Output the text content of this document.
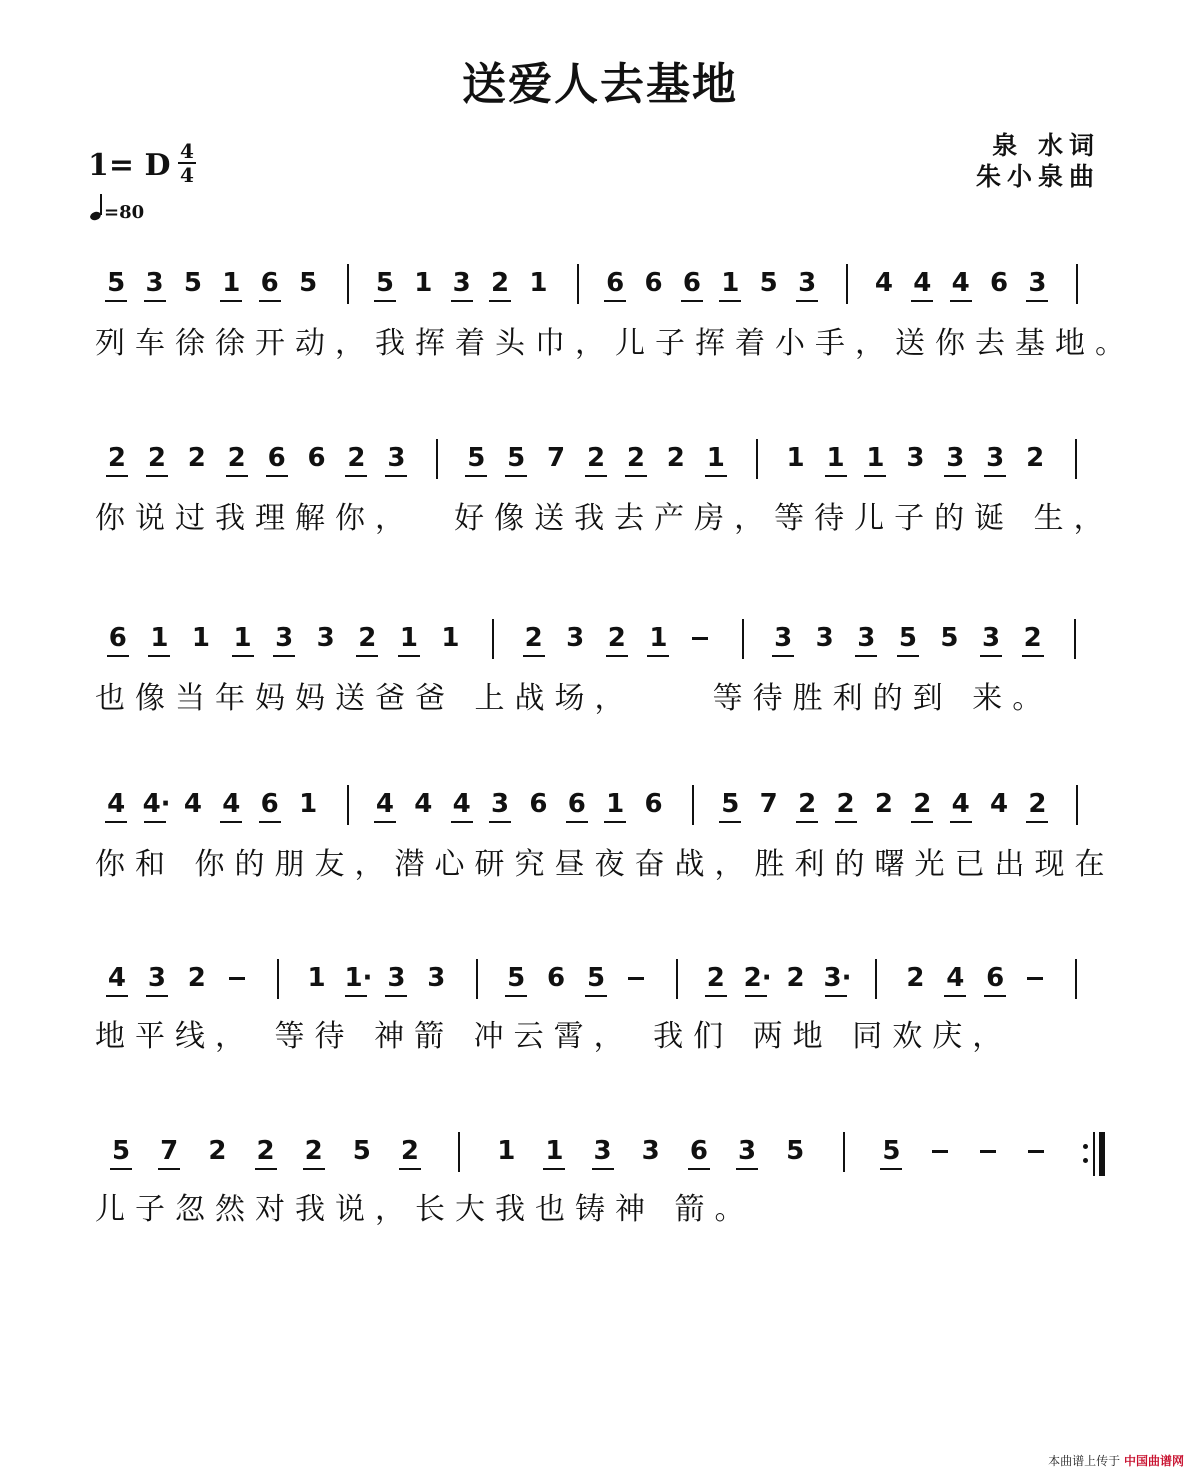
送爱人去基地
1= D 4
4
=80
泉 水词
朱小泉曲
5 3 5 1 6 5 5 1 3 2 1 6 6 6 1 5 3 4 4 4 6 3
列车徐徐开动，我挥着头巾，儿子挥着小手，送你去基地。
2 2 2 2 6 6 2 3 5 5 7 2 2 2 1 1 1 1 3 3 3 2
你说过我理解你，  好像送我去产房，等待儿子的诞 生，
6 1 1 1 3 3 2 1 1	2 3 2 1	3 3 3 5 5 3 2
也像当年妈妈送爸爸 上战场，    等待胜利的到 来。
4 4· 4 4 6 1 4 4 4 3 6 6 1 6 5 7 2 2 2 2 4 4 2
你和 你的朋友，潜心研究昼夜奋战，胜利的曙光已出现在
4 3 2	1 1· 3 3 5 6 5	2 2· 2 3· 2 4 6
地平线， 等待 神箭 冲云霄， 我们 两地 同欢庆，
5 7 2 2 2 5 2	1 1 3 3 6 3 5	5
儿子忽然对我说，长大我也铸神 箭。
本曲谱上传于 中国曲谱网
